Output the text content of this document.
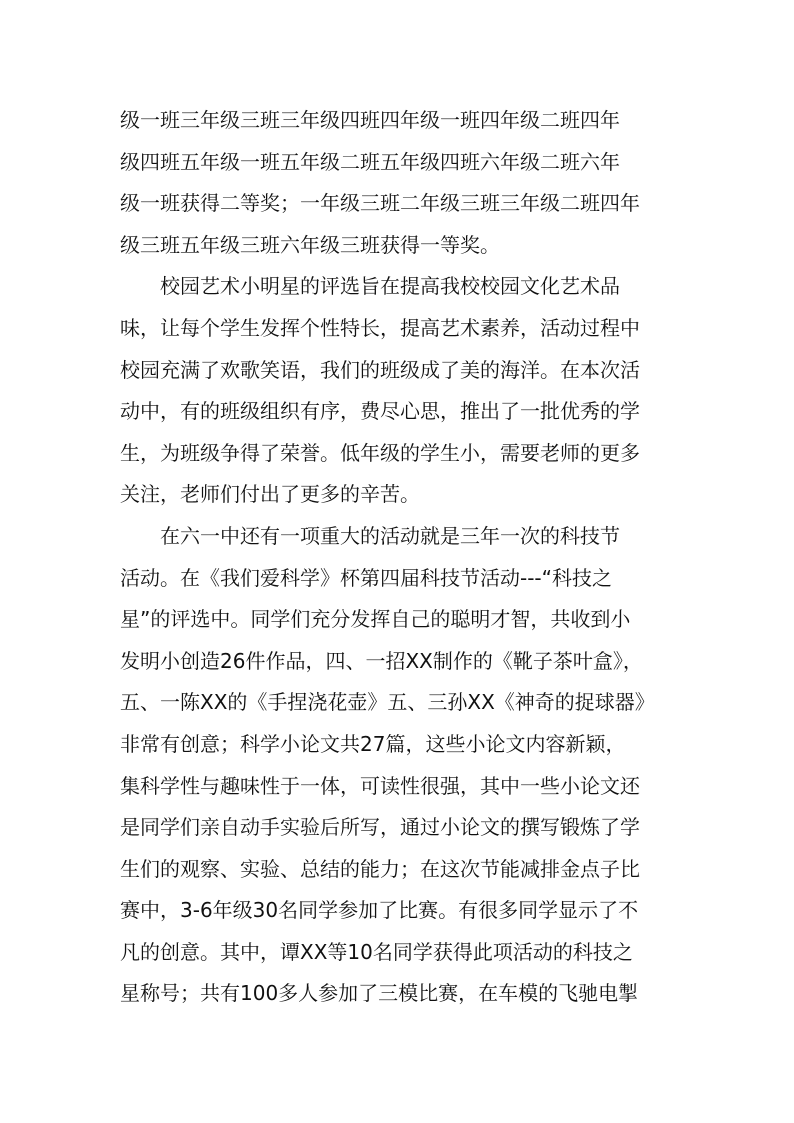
级一班三年级三班三年级四班四年级一班四年级二班四年
级四班五年级一班五年级二班五年级四班六年级二班六年
级一班获得二等奖；一年级三班二年级三班三年级二班四年
级三班五年级三班六年级三班获得一等奖。
　　校园艺术小明星的评选旨在提高我校校园文化艺术品
味，让每个学生发挥个性特长，提高艺术素养，活动过程中
校园充满了欢歌笑语，我们的班级成了美的海洋。在本次活
动中，有的班级组织有序，费尽心思，推出了一批优秀的学
生，为班级争得了荣誉。低年级的学生小，需要老师的更多
关注，老师们付出了更多的辛苦。
　　在六一中还有一项重大的活动就是三年一次的科技节
活动。在《我们爱科学》杯第四届科技节活动---“科技之
星”的评选中。同学们充分发挥自己的聪明才智，共收到小
发明小创造26件作品，四、一招XX制作的《靴子茶叶盒》，
五、一陈XX的《手捏浇花壶》五、三孙XX《神奇的捉球器》
非常有创意；科学小论文共27篇，这些小论文内容新颖，
集科学性与趣味性于一体，可读性很强，其中一些小论文还
是同学们亲自动手实验后所写，通过小论文的撰写锻炼了学
生们的观察、实验、总结的能力；在这次节能减排金点子比
赛中，3-6年级30名同学参加了比赛。有很多同学显示了不
凡的创意。其中，谭XX等10名同学获得此项活动的科技之
星称号；共有100多人参加了三模比赛，在车模的飞驰电掣
